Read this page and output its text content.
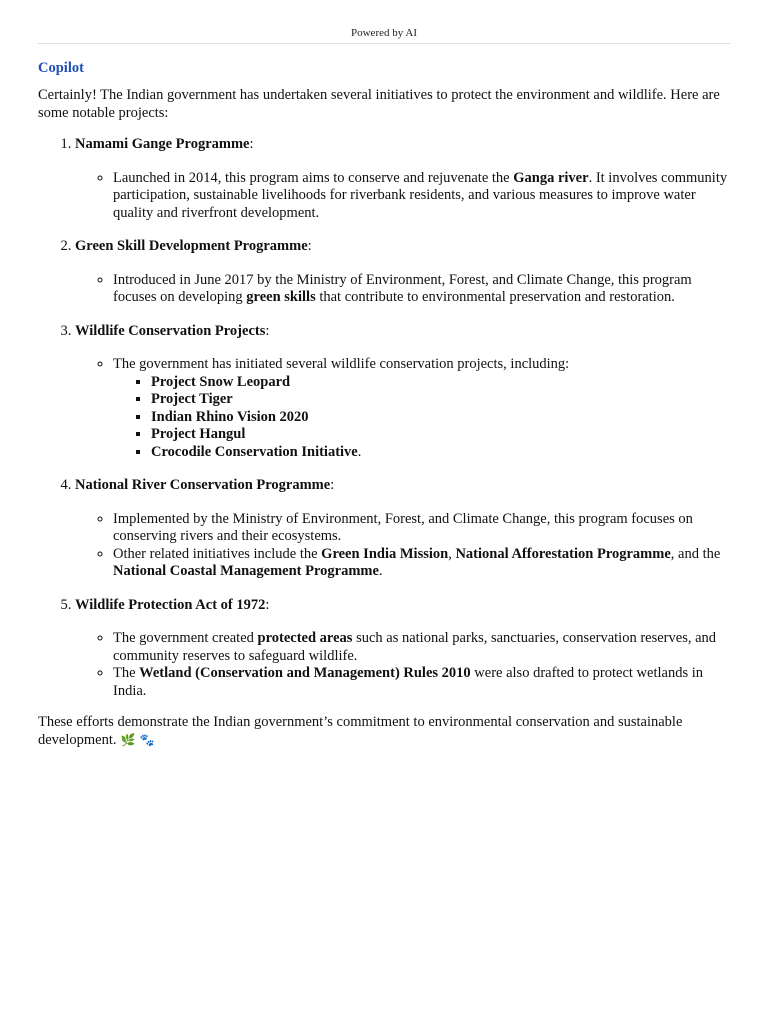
Powered by AI
Copilot

Certainly! The Indian government has undertaken several initiatives to protect the environment and wildlife. Here are some notable projects:

1. Namami Gange Programme:
◦ Launched in 2014, this program aims to conserve and rejuvenate the Ganga river. It involves community participation, sustainable livelihoods for riverbank residents, and various measures to improve water quality and riverfront development.
2. Green Skill Development Programme:
◦ Introduced in June 2017 by the Ministry of Environment, Forest, and Climate Change, this program focuses on developing green skills that contribute to environmental preservation and restoration.
3. Wildlife Conservation Projects:
◦ The government has initiated several wildlife conservation projects, including:
▪ Project Snow Leopard
▪ Project Tiger
▪ Indian Rhino Vision 2020
▪ Project Hangul
▪ Crocodile Conservation Initiative.
4. National River Conservation Programme:
◦ Implemented by the Ministry of Environment, Forest, and Climate Change, this program focuses on conserving rivers and their ecosystems.
◦ Other related initiatives include the Green India Mission, National Afforestation Programme, and the National Coastal Management Programme.
5. Wildlife Protection Act of 1972:
◦ The government created protected areas such as national parks, sanctuaries, conservation reserves, and community reserves to safeguard wildlife.
◦ The Wetland (Conservation and Management) Rules 2010 were also drafted to protect wetlands in India.

These efforts demonstrate the Indian government’s commitment to environmental conservation and sustainable development. 🌿 🐾
